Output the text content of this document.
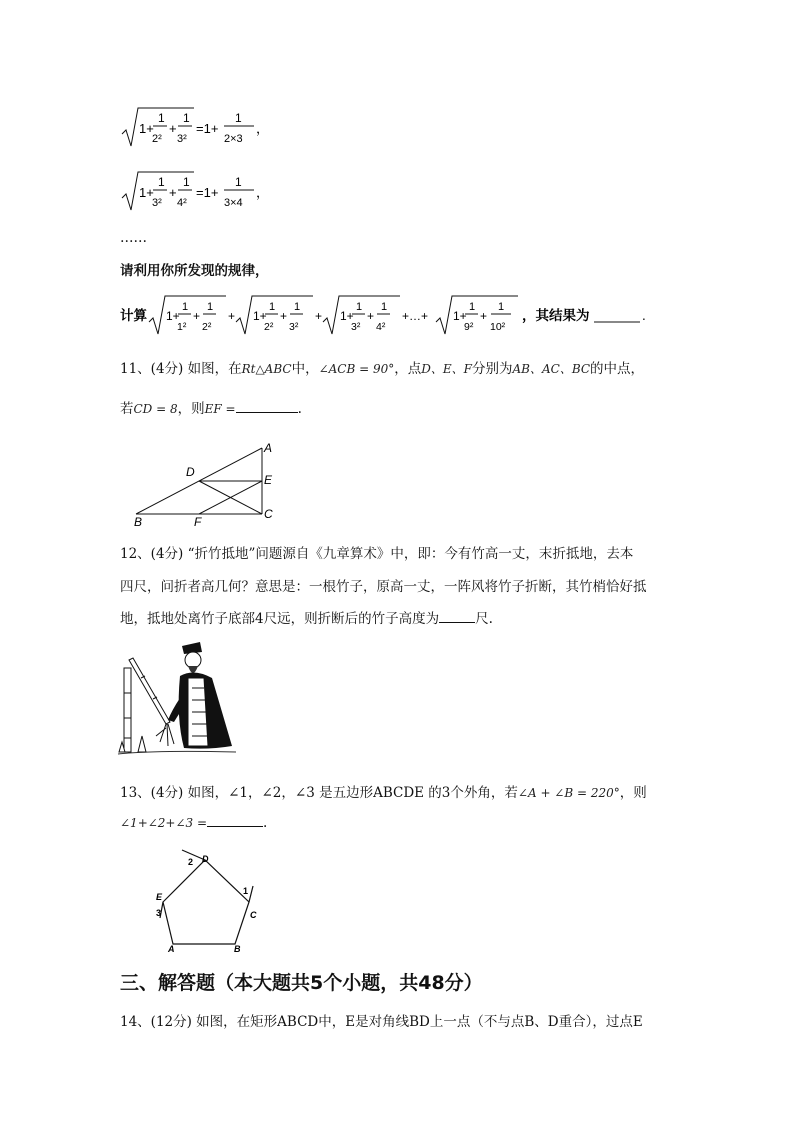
1+
1
2²
+
1
3²
=1+
1
2×3
，
1+
1
3²
+
1
4²
=1+
1
3×4
，
……
请利用你所发现的规律，
计算 1+
1
1²
+
1
2²
+ 1+
1
2²
+
1
3²
+ 1+
1
3²
+
1
4²
+…+ 1+
1
9²
+
1
10²
，其结果为	.
11、(4分) 如图，在Rt△ABC中，∠ACB = 90°，点D、E、F分别为AB、AC、BC的中点，
若CD = 8，则EF =	.
A
B
C
D
E
F
12、(4分) “折竹抵地”问题源自《九章算术》中，即：今有竹高一丈，末折抵地，去本
四尺，问折者高几何？意思是：一根竹子，原高一丈，一阵风将竹子折断，其竹梢恰好抵
地，抵地处离竹子底部4尺远，则折断后的竹子高度为	尺.
13、(4分) 如图，∠1，∠2，∠3 是五边形ABCDE 的3个外角，若∠A + ∠B = 220°，则
∠1+∠2+∠3 =	.
A	B
C
D
E
1
2
3
三、解答题（本大题共5个小题，共48分）
14、(12分) 如图，在矩形ABCD中，E是对角线BD上一点（不与点B、D重合），过点E
